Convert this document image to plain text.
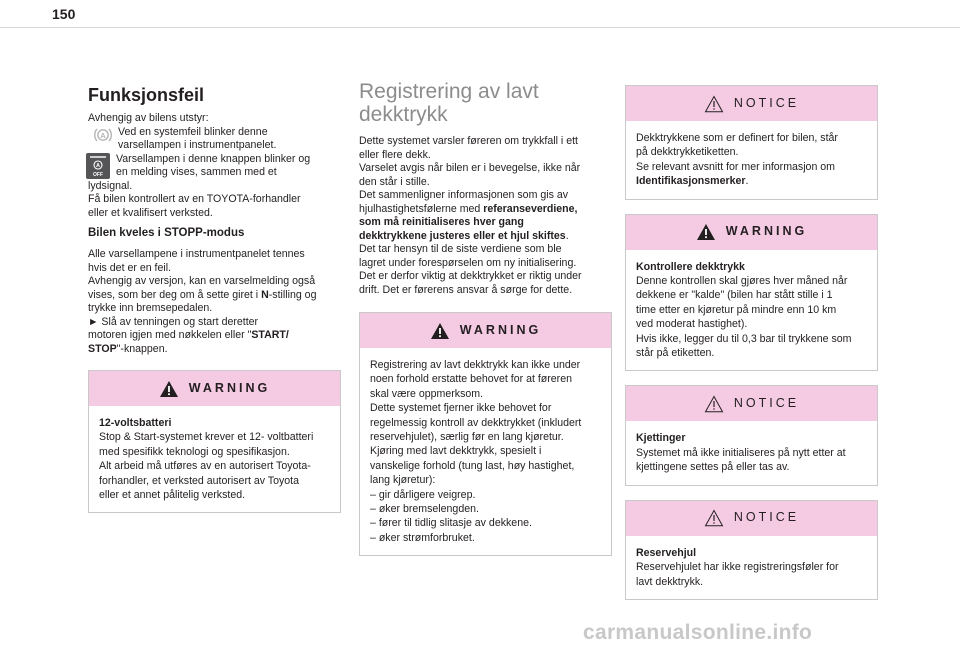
150
Funksjonsfeil

Avhengig av bilens utstyr:

A Ved en systemfeil blinker denne
varsellampen i instrumentpanelet.

A
OFF

Varsellampen i denne knappen blinker og
en melding vises, sammen med et

lydsignal.
Få bilen kontrollert av en TOYOTA-forhandler
eller et kvalifisert verksted.

Bilen kveles i STOPP-modus

Alle varsellampene i instrumentpanelet tennes
hvis det er en feil.
Avhengig av versjon, kan en varselmelding også
vises, som ber deg om å sette giret i N-stilling og
trykke inn bremsepedalen.
► Slå av tenningen og start deretter
motoren igjen med nøkkelen eller "START/
STOP"-knappen.

WARNING
12-voltsbatteri

Stop & Start-systemet krever et 12- voltbatteri
med spesifikk teknologi og spesifikasjon.
Alt arbeid må utføres av en autorisert Toyota-
forhandler, et verksted autorisert av Toyota
eller et annet pålitelig verksted.

Registrering av lavt
dekktrykk

Dette systemet varsler føreren om trykkfall i ett
eller flere dekk.
Varselet avgis når bilen er i bevegelse, ikke når
den står i stille.
Det sammenligner informasjonen som gis av
hjulhastighetsfølerne med referanseverdiene,
som må reinitialiseres hver gang
dekktrykkene justeres eller et hjul skiftes.
Det tar hensyn til de siste verdiene som ble
lagret under forespørselen om ny initialisering.
Det er derfor viktig at dekktrykket er riktig under
drift. Det er førerens ansvar å sørge for dette.

WARNING

Registrering av lavt dekktrykk kan ikke under
noen forhold erstatte behovet for at føreren
skal være oppmerksom.
Dette systemet fjerner ikke behovet for
regelmessig kontroll av dekktrykket (inkludert
reservehjulet), særlig før en lang kjøretur.
Kjøring med lavt dekktrykk, spesielt i
vanskelige forhold (tung last, høy hastighet,
lang kjøretur):
– gir dårligere veigrep.
– øker bremselengden.
– fører til tidlig slitasje av dekkene.
– øker strømforbruket.

NOTICE

Dekktrykkene som er definert for bilen, står
på dekktrykketiketten.
Se relevant avsnitt for mer informasjon om
Identifikasjonsmerker.

WARNING
Kontrollere dekktrykk

Denne kontrollen skal gjøres hver måned når
dekkene er "kalde" (bilen har stått stille i 1
time etter en kjøretur på mindre enn 10 km
ved moderat hastighet).
Hvis ikke, legger du til 0,3 bar til trykkene som
står på etiketten.

NOTICE
Kjettinger

Systemet må ikke initialiseres på nytt etter at
kjettingene settes på eller tas av.

NOTICE
Reservehjul

Reservehjulet har ikke registreringsføler for
lavt dekktrykk.

carmanualsonline.info
